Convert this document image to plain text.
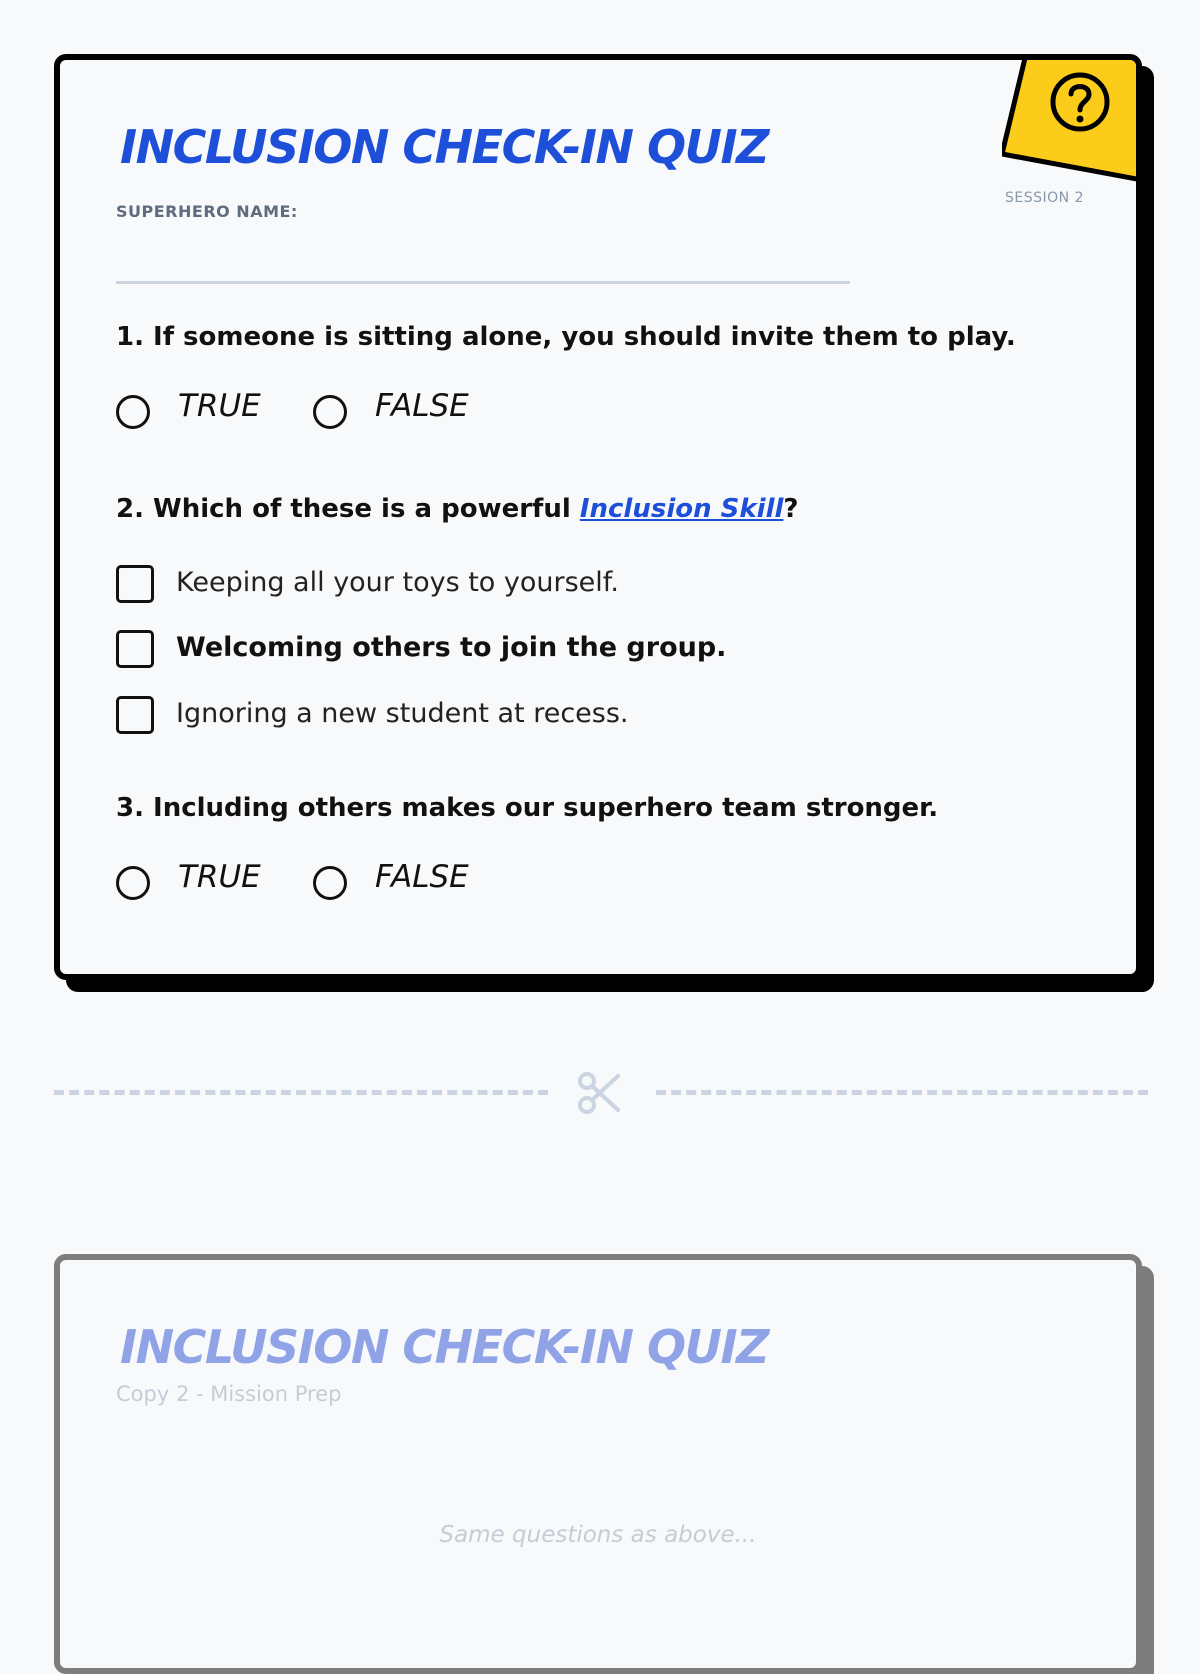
INCLUSION CHECK-IN QUIZ
SESSION 2
SUPERHERO NAME:
1. If someone is sitting alone, you should invite them to play.
TRUE	FALSE
2. Which of these is a powerful Inclusion Skill?
Keeping all your toys to yourself.
Welcoming others to join the group.
Ignoring a new student at recess.
3. Including others makes our superhero team stronger.
TRUE	FALSE
INCLUSION CHECK-IN QUIZ
Copy 2 - Mission Prep
Same questions as above...
